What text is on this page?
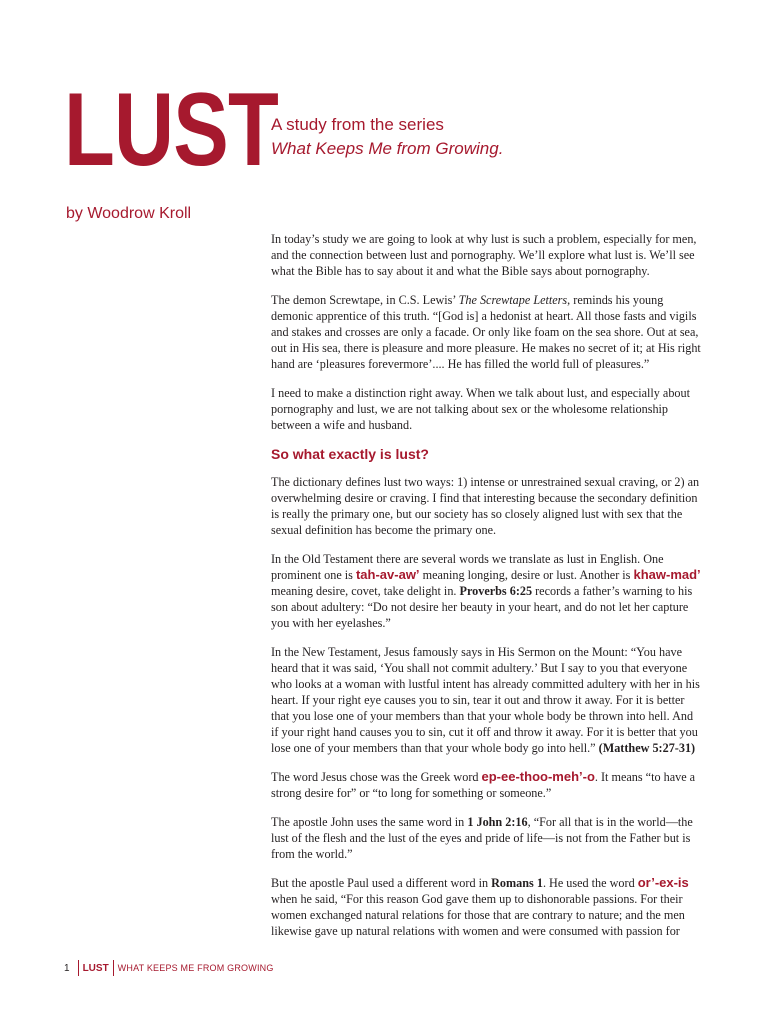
LUST
A study from the series
What Keeps Me from Growing.
by Woodrow Kroll

In today’s study we are going to look at why lust is such a problem, especially for men, and the connection between lust and pornography. We’ll explore what lust is. We’ll see what the Bible has to say about it and what the Bible says about pornography.

The demon Screwtape, in C.S. Lewis’ The Screwtape Letters, reminds his young demonic apprentice of this truth. “[God is] a hedonist at heart. All those fasts and vigils and stakes and crosses are only a facade. Or only like foam on the sea shore. Out at sea, out in His sea, there is pleasure and more pleasure. He makes no secret of it; at His right hand are ‘pleasures forevermore’.... He has filled the world full of pleasures.”

I need to make a distinction right away. When we talk about lust, and especially about pornography and lust, we are not talking about sex or the wholesome relationship between a wife and husband.

So what exactly is lust?

The dictionary defines lust two ways: 1) intense or unrestrained sexual craving, or 2) an overwhelming desire or craving. I find that interesting because the secondary definition is really the primary one, but our society has so closely aligned lust with sex that the sexual definition has become the primary one.

In the Old Testament there are several words we translate as lust in English. One prominent one is tah-av-aw’ meaning longing, desire or lust. Another is khaw-mad’ meaning desire, covet, take delight in. Proverbs 6:25 records a father’s warning to his son about adultery: “Do not desire her beauty in your heart, and do not let her capture you with her eyelashes.”

In the New Testament, Jesus famously says in His Sermon on the Mount: “You have heard that it was said, ‘You shall not commit adultery.’ But I say to you that everyone who looks at a woman with lustful intent has already committed adultery with her in his heart. If your right eye causes you to sin, tear it out and throw it away. For it is better that you lose one of your members than that your whole body be thrown into hell. And if your right hand causes you to sin, cut it off and throw it away. For it is better that you lose one of your members than that your whole body go into hell.” (Matthew 5:27-31)

The word Jesus chose was the Greek word ep-ee-thoo-meh’-o. It means “to have a strong desire for” or “to long for something or someone.”

The apostle John uses the same word in 1 John 2:16, “For all that is in the world—the lust of the flesh and the lust of the eyes and pride of life—is not from the Father but is from the world.”

But the apostle Paul used a different word in Romans 1. He used the word or’-ex-is when he said, “For this reason God gave them up to dishonorable passions. For their women exchanged natural relations for those that are contrary to nature; and the men likewise gave up natural relations with women and were consumed with passion for

1 LUST WHAT KEEPS ME FROM GROWING
